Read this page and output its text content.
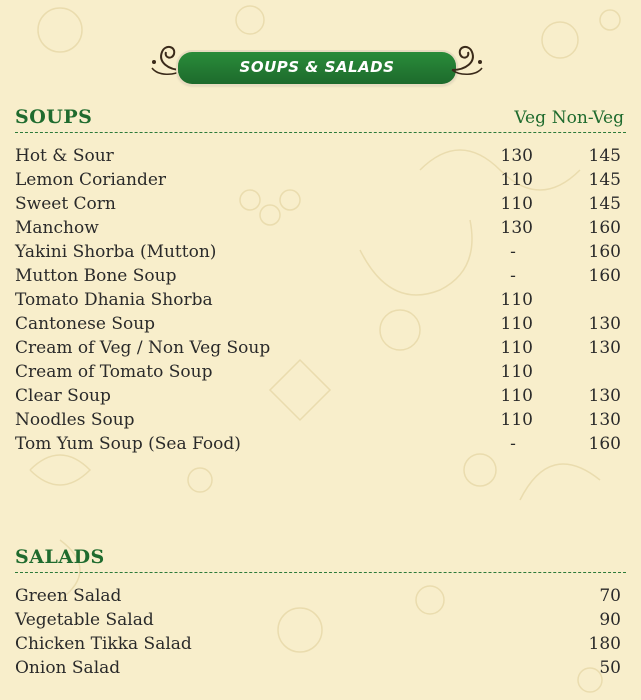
SOUPS & SALADS
SOUPS	Veg Non-Veg
Hot & Sour	130	145
Lemon Coriander	110	145
Sweet Corn	110	145
Manchow	130	160
Yakini Shorba (Mutton)	-	160
Mutton Bone Soup	-	160
Tomato Dhania Shorba	110
Cantonese Soup	110	130
Cream of Veg / Non Veg Soup	110	130
Cream of Tomato Soup	110
Clear Soup	110	130
Noodles Soup	110	130
Tom Yum Soup (Sea Food)	-	160
SALADS
Green Salad	70
Vegetable Salad	90
Chicken Tikka Salad	180
Onion Salad	50
